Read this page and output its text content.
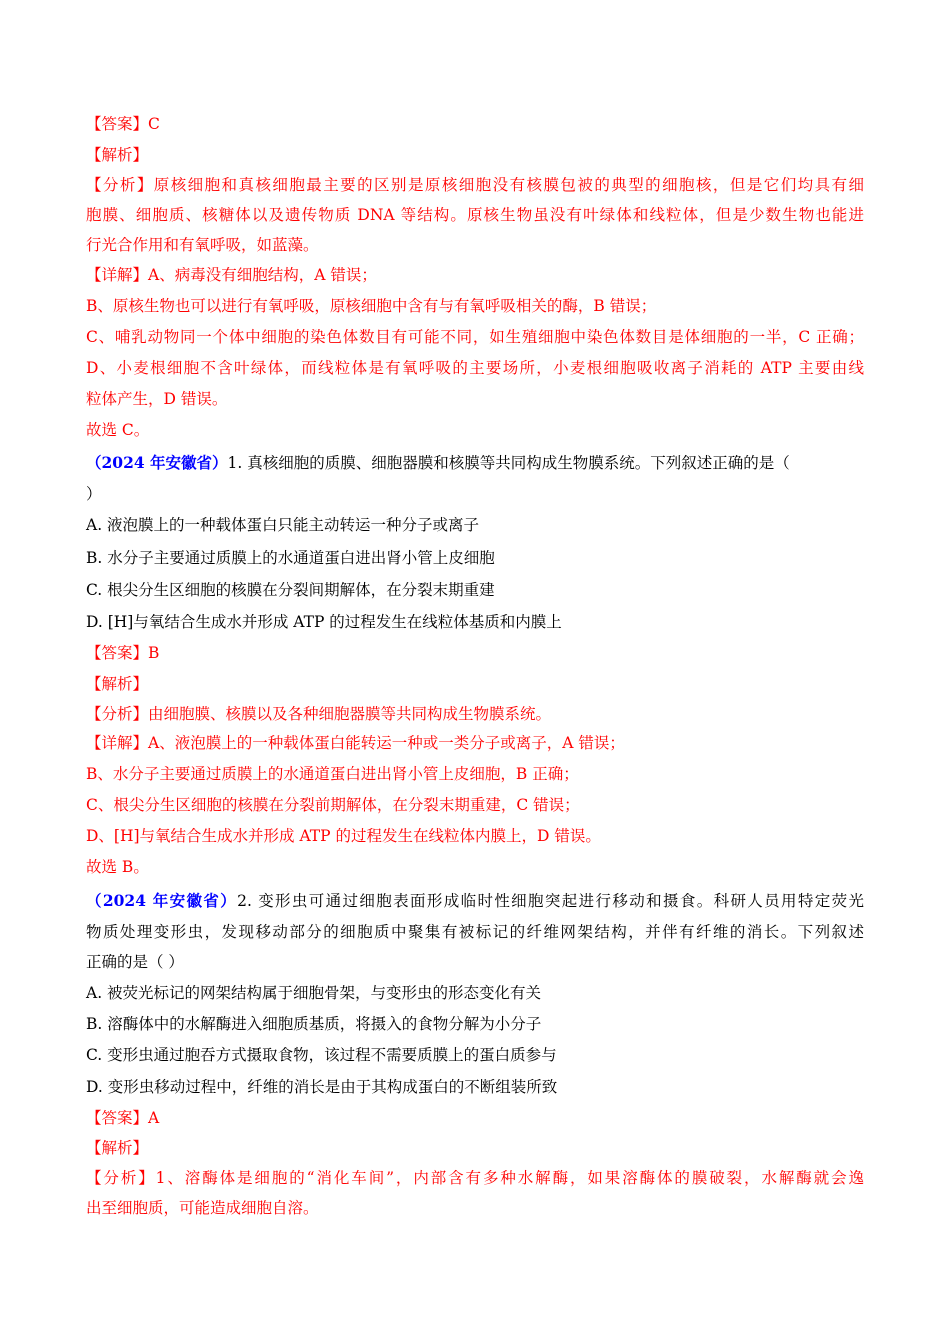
【答案】C
【解析】
【分析】原核细胞和真核细胞最主要的区别是原核细胞没有核膜包被的典型的细胞核，但是它们均具有细
胞膜、细胞质、核糖体以及遗传物质 DNA 等结构。原核生物虽没有叶绿体和线粒体，但是少数生物也能进
行光合作用和有氧呼吸，如蓝藻。
【详解】A、病毒没有细胞结构，A 错误；
B、原核生物也可以进行有氧呼吸，原核细胞中含有与有氧呼吸相关的酶，B 错误；
C、哺乳动物同一个体中细胞的染色体数目有可能不同，如生殖细胞中染色体数目是体细胞的一半，C 正确；
D、小麦根细胞不含叶绿体，而线粒体是有氧呼吸的主要场所，小麦根细胞吸收离子消耗的 ATP 主要由线
粒体产生，D 错误。
故选 C。
（2024 年安徽省）1. 真核细胞的质膜、细胞器膜和核膜等共同构成生物膜系统。下列叙述正确的是（
）
A. 液泡膜上的一种载体蛋白只能主动转运一种分子或离子
B. 水分子主要通过质膜上的水通道蛋白进出肾小管上皮细胞
C. 根尖分生区细胞的核膜在分裂间期解体，在分裂末期重建
D. [H]与氧结合生成水并形成 ATP 的过程发生在线粒体基质和内膜上
【答案】B
【解析】
【分析】由细胞膜、核膜以及各种细胞器膜等共同构成生物膜系统。
【详解】A、液泡膜上的一种载体蛋白能转运一种或一类分子或离子，A 错误；
B、水分子主要通过质膜上的水通道蛋白进出肾小管上皮细胞，B 正确；
C、根尖分生区细胞的核膜在分裂前期解体，在分裂末期重建，C 错误；
D、[H]与氧结合生成水并形成 ATP 的过程发生在线粒体内膜上，D 错误。
故选 B。
（2024 年安徽省）2. 变形虫可通过细胞表面形成临时性细胞突起进行移动和摄食。科研人员用特定荧光
物质处理变形虫，发现移动部分的细胞质中聚集有被标记的纤维网架结构，并伴有纤维的消长。下列叙述
正确的是（ ）
A. 被荧光标记的网架结构属于细胞骨架，与变形虫的形态变化有关
B. 溶酶体中的水解酶进入细胞质基质，将摄入的食物分解为小分子
C. 变形虫通过胞吞方式摄取食物，该过程不需要质膜上的蛋白质参与
D. 变形虫移动过程中，纤维的消长是由于其构成蛋白的不断组装所致
【答案】A
【解析】
【分析】1、溶酶体是细胞的“消化车间”，内部含有多种水解酶，如果溶酶体的膜破裂，水解酶就会逸
出至细胞质，可能造成细胞自溶。
